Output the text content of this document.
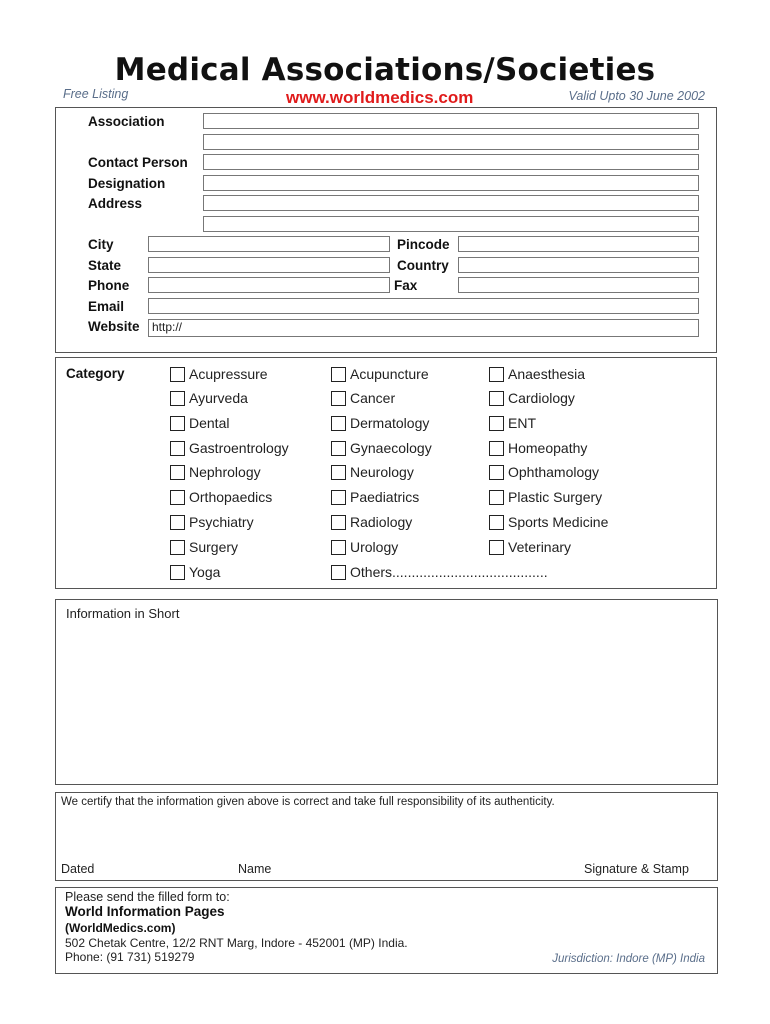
Medical Associations/Societies
Free Listing	www.worldmedics.com	Valid Upto 30 June 2002
Association
Contact Person
Designation
Address
City	Pincode
State	Country
Phone	Fax
Email
Website	http://
Category	Acupressure	Acupuncture	Anaesthesia
Ayurveda	Cancer	Cardiology
Dental	Dermatology	ENT
Gastroentrology	Gynaecology	Homeopathy
Nephrology	Neurology	Ophthamology
Orthopaedics	Paediatrics	Plastic Surgery
Psychiatry	Radiology	Sports Medicine
Surgery	Urology	Veterinary
Yoga	Others........................................
Information in Short
We certify that the information given above is correct and take full responsibility of its authenticity.
Dated	Name	Signature & Stamp
Please send the filled form to:
World Information Pages
(WorldMedics.com)
502 Chetak Centre, 12/2 RNT Marg, Indore - 452001 (MP) India.
Phone: (91 731) 519279	Jurisdiction: Indore (MP) India
